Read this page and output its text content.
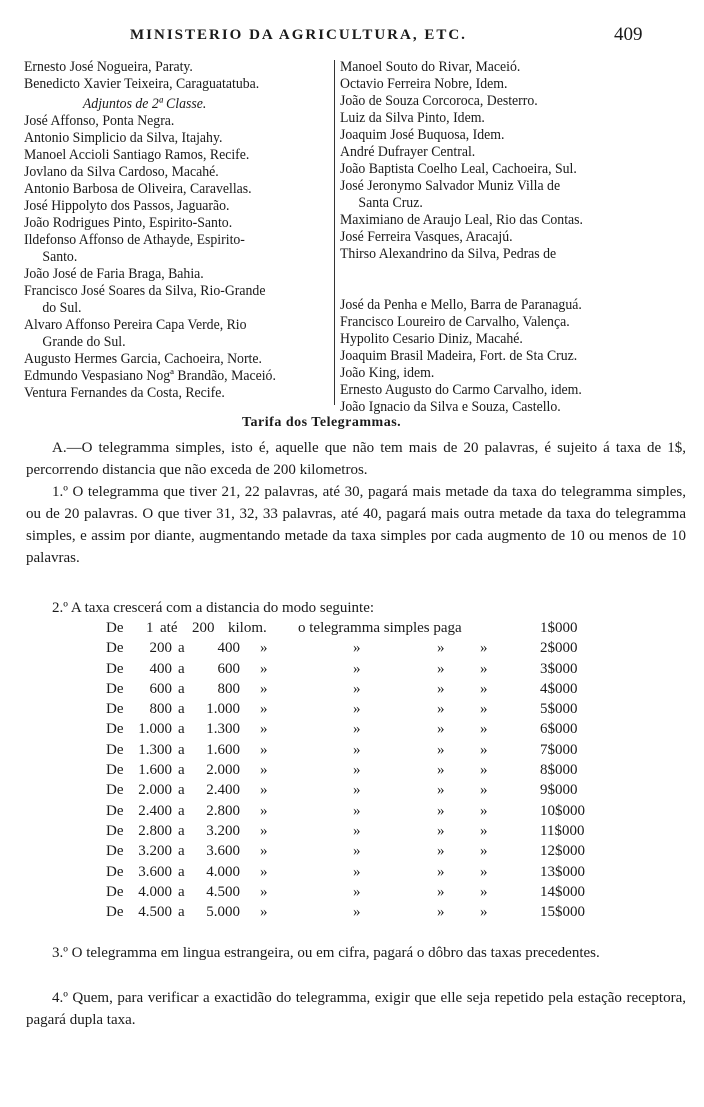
MINISTERIO DA AGRICULTURA, ETC.	409
Ernesto José Nogueira, Paraty.
Benedicto Xavier Teixeira, Caraguatatuba.
Adjuntos de 2ª Classe.
José Affonso, Ponta Negra.
Antonio Simplicio da Silva, Itajahy.
Manoel Accioli Santiago Ramos, Recife.
Jovlano da Silva Cardoso, Macahé.
Antonio Barbosa de Oliveira, Caravellas.
José Hippolyto dos Passos, Jaguarão.
João Rodrigues Pinto, Espirito-Santo.
Ildefonso Affonso de Athayde, Espirito-
Santo.
João José de Faria Braga, Bahia.
Francisco José Soares da Silva, Rio-Grande
do Sul.
Alvaro Affonso Pereira Capa Verde, Rio
Grande do Sul.
Augusto Hermes Garcia, Cachoeira, Norte.
Edmundo Vespasiano Nogª Brandão, Maceió.
Ventura Fernandes da Costa, Recife.
Manoel Souto do Rivar, Maceió.
Octavio Ferreira Nobre, Idem.
João de Souza Corcoroca, Desterro.
Luiz da Silva Pinto, Idem.
Joaquim José Buquosa, Idem.
André Dufrayer Central.
João Baptista Coelho Leal, Cachoeira, Sul.
José Jeronymo Salvador Muniz Villa de
Santa Cruz.
Maximiano de Araujo Leal, Rio das Contas.
José Ferreira Vasques, Aracajú.
Thirso Alexandrino da Silva, Pedras de
José da Penha e Mello, Barra de Paranaguá.
Francisco Loureiro de Carvalho, Valença.
Hypolito Cesario Diniz, Macahé.
Joaquim Brasil Madeira, Fort. de Sta Cruz.
João King, idem.
Ernesto Augusto do Carmo Carvalho, idem.
João Ignacio da Silva e Souza, Castello.
Tarifa dos Telegrammas.

A.—O telegramma simples, isto é, aquelle que não tem mais de 20 palavras, é sujeito á taxa de 1$, percorrendo distancia que não exceda de 200 kilometros.

1.º O telegramma que tiver 21, 22 palavras, até 30, pagará mais metade da taxa do telegramma simples, ou de 20 palavras. O que tiver 31, 32, 33 palavras, até 40, pagará mais outra metade da taxa do telegramma simples, e assim por diante, augmentando metade da taxa simples por cada augmento de 10 ou menos de 10 palavras.

2.º A taxa crescerá com a distancia do modo seguinte:

De 1 até 200 kilom. o telegramma simples paga	1$000
De	200 a	400 »	»	» »	2$000
De	400 a	600 »	»	» »	3$000
De	600 a	800 »	»	» »	4$000
De	800 a	1.000 »	»	» »	5$000
De 1.000 a	1.300 »	»	» »	6$000
De 1.300 a	1.600 »	»	» »	7$000
De 1.600 a	2.000 »	»	» »	8$000
De 2.000 a	2.400 »	»	» »	9$000
De 2.400 a	2.800 »	»	» »	10$000
De 2.800 a	3.200 »	»	» »	11$000
De 3.200 a	3.600 »	»	» »	12$000
De 3.600 a	4.000 »	»	» »	13$000
De 4.000 a	4.500 »	»	» »	14$000
De 4.500 a	5.000 »	»	» »	15$000

3.º O telegramma em lingua estrangeira, ou em cifra, pagará o dôbro das taxas precedentes.

4.º Quem, para verificar a exactidão do telegramma, exigir que elle seja repetido pela estação receptora, pagará dupla taxa.
